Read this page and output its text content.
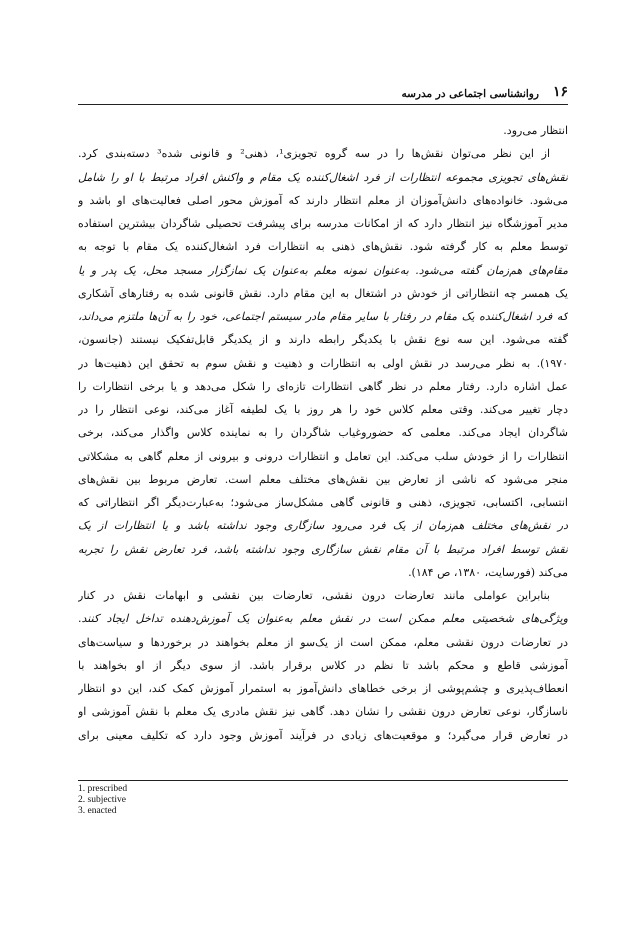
۱۶
روانشناسی اجتماعی در مدرسه
انتظار می‌رود.
از این نظر می‌توان نقش‌ها را در سه گروه تجویزی¹، ذهنی² و قانونی شده³ دسته‌بندی کرد.
نقش‌های تجویزی مجموعه انتظارات از فرد اشغال‌کننده یک مقام و واکنش افراد مرتبط با او را شامل
می‌شود. خانواده‌های دانش‌آموزان از معلم انتظار دارند که آموزش محور اصلی فعالیت‌های او باشد و
مدیر آموزشگاه نیز انتظار دارد که از امکانات مدرسه برای پیشرفت تحصیلی شاگردان بیشترین استفاده
توسط معلم به کار گرفته شود. نقش‌های ذهنی به انتظارات فرد اشغال‌کننده یک مقام با توجه به
مقام‌های هم‌زمان گفته می‌شود. به‌عنوان نمونه معلم به‌عنوان یک نمازگزار مسجد محل، یک پدر و یا
یک همسر چه انتظاراتی از خودش در اشتغال به این مقام دارد. نقش قانونی شده به رفتارهای آشکاری
که فرد اشغال‌کننده یک مقام در رفتار با سایر مقام مادر سیستم اجتماعی، خود را به آن‌ها ملتزم می‌داند،
گفته می‌شود. این سه نوع نقش با یکدیگر رابطه دارند و از یکدیگر قابل‌تفکیک نیستند (جانسون،
۱۹۷۰). به نظر می‌رسد در نقش اولی به انتظارات و ذهنیت و نقش سوم به تحقق این ذهنیت‌ها در
عمل اشاره دارد. رفتار معلم در نظر گاهی انتظارات تازه‌ای را شکل می‌دهد و یا برخی انتظارات را
دچار تغییر می‌کند. وقتی معلم کلاس خود را هر روز با یک لطیفه آغاز می‌کند، نوعی انتظار را در
شاگردان ایجاد می‌کند. معلمی که حضوروغیاب شاگردان را به نماینده کلاس واگذار می‌کند، برخی
انتظارات را از خودش سلب می‌کند. این تعامل و انتظارات درونی و بیرونی از معلم گاهی به مشکلاتی
منجر می‌شود که ناشی از تعارض بین نقش‌های مختلف معلم است. تعارض مربوط بین نقش‌های
انتسابی، اکتسابی، تجویزی، ذهنی و قانونی گاهی مشکل‌ساز می‌شود؛ به‌عبارت‌دیگر اگر انتظاراتی که
در نقش‌های مختلف هم‌زمان از یک فرد می‌رود سازگاری وجود نداشته باشد و یا انتظارات از یک
نقش توسط افراد مرتبط با آن مقام نقش سازگاری وجود نداشته باشد، فرد تعارض نقش را تجربه
می‌کند (فورسایت، ۱۳۸۰، ص ۱۸۴).
بنابراین عواملی مانند تعارضات درون نقشی، تعارضات بین نقشی و ابهامات نقش در کنار
ویژگی‌های شخصیتی معلم ممکن است در نقش معلم به‌عنوان یک آموزش‌دهنده تداخل ایجاد کنند.
در تعارضات درون نقشی معلم، ممکن است از یک‌سو از معلم بخواهند در برخوردها و سیاست‌های
آموزشی قاطع و محکم باشد تا نظم در کلاس برقرار باشد. از سوی دیگر از او بخواهند با
انعطاف‌پذیری و چشم‌پوشی از برخی خطاهای دانش‌آموز به استمرار آموزش کمک کند، این دو انتظار
ناسازگار، نوعی تعارض درون نقشی را نشان دهد. گاهی نیز نقش مادری یک معلم با نقش آموزشی او
در تعارض قرار می‌گیرد؛ و موقعیت‌های زیادی در فرآیند آموزش وجود دارد که تکلیف معینی برای
1. prescribed
2. subjective
3. enacted
